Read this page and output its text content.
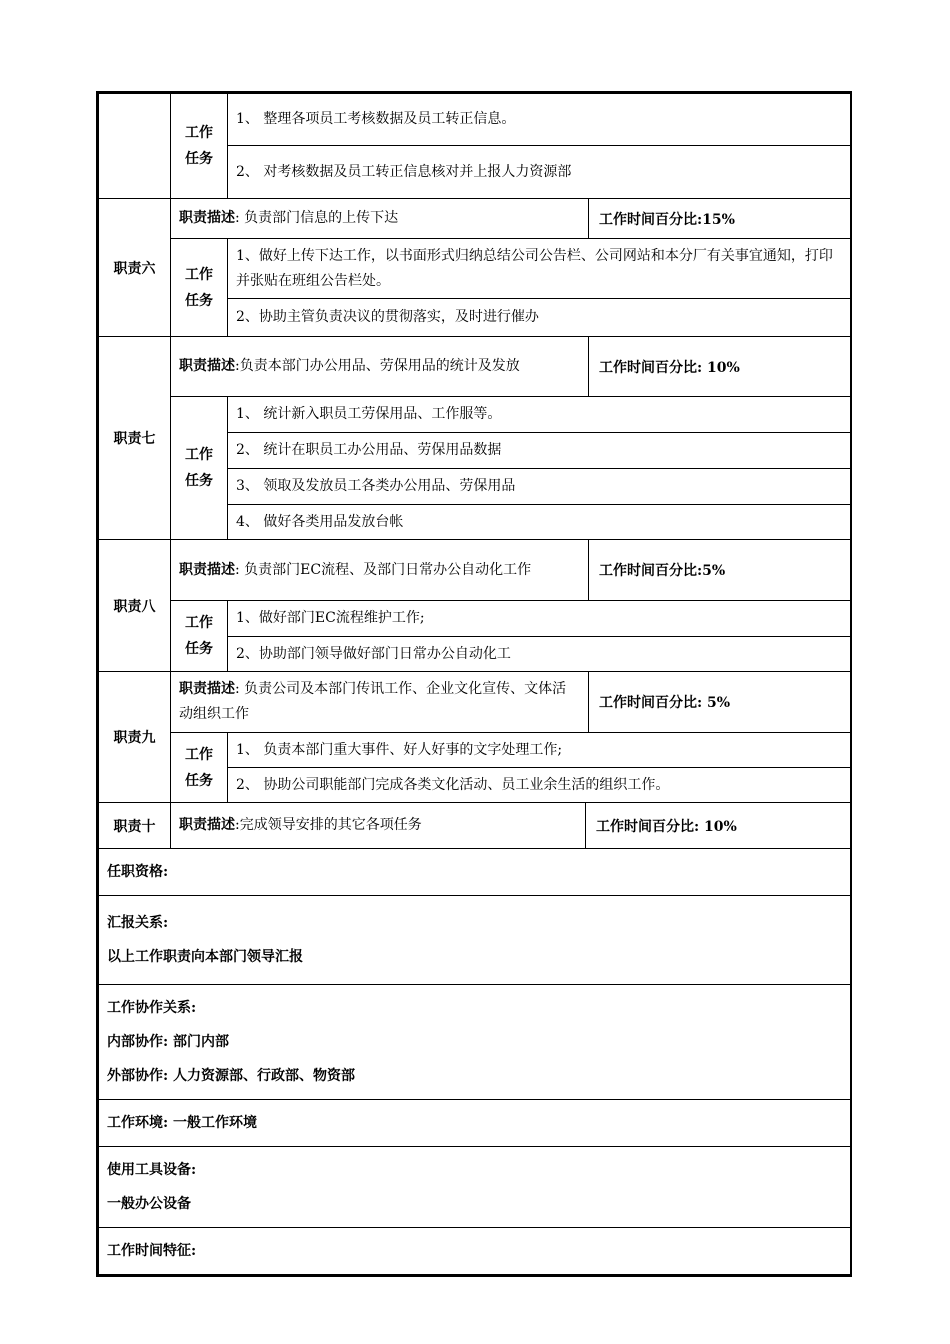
	工作
任务	1、 整理各项员工考核数据及员工转正信息。	
		2、 对考核数据及员工转正信息核对并上报人力资源部	
职责六	职责描述: 负责部门信息的上传下达		工作时间百分比:15%

	工作
任务	1、做好上传下达工作，以书面形式归纳总结公司公告栏、公司网站和本分厂有关事宜通知，打印并张贴在班组公告栏处。	
		2、协助主管负责决议的贯彻落实，及时进行催办	
职责七	职责描述:负责本部门办公用品、劳保用品的统计及发放		工作时间百分比: 10%

	工作
任务	1、 统计新入职员工劳保用品、工作服等。	
		2、 统计在职员工办公用品、劳保用品数据	
		3、 领取及发放员工各类办公用品、劳保用品	
		4、 做好各类用品发放台帐	
职责八	职责描述: 负责部门EC流程、及部门日常办公自动化工作		工作时间百分比:5%

	工作
任务	1、做好部门EC流程维护工作;	
		2、协助部门领导做好部门日常办公自动化工	
职责九	职责描述: 负责公司及本部门传讯工作、企业文化宣传、文体活动组织工作		工作时间百分比: 5%

	工作
任务	1、 负责本部门重大事件、好人好事的文字处理工作;	
		2、 协助公司职能部门完成各类文化活动、员工业余生活的组织工作。	
职责十	职责描述:完成领导安排的其它各项任务 工作时间百分比: 10%		

任职资格:			

汇报关系:

以上工作职责向本部门领导汇报			

工作协作关系:

内部协作: 部门内部

外部协作: 人力资源部、行政部、物资部			

工作环境: 一般工作环境			

使用工具设备:

一般办公设备			

工作时间特征:			
